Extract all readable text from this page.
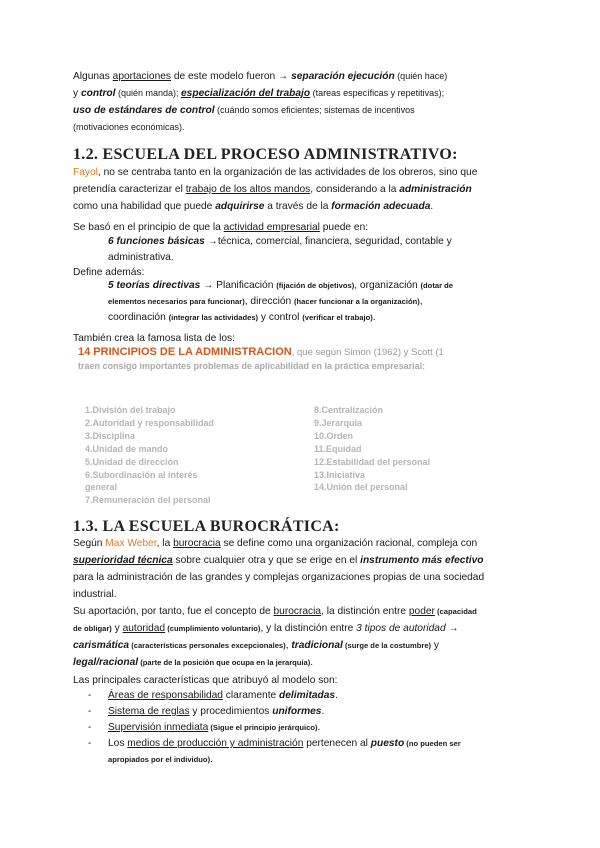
Algunas aportaciones de este modelo fueron → separación ejecución (quién hace)
y control (quién manda); especialización del trabajo (tareas específicas y repetitivas);
uso de estándares de control (cuándo somos eficientes; sistemas de incentivos
(motivaciones económicas).

1.2. ESCUELA DEL PROCESO ADMINISTRATIVO:

Fayol, no se centraba tanto en la organización de las actividades de los obreros, sino que
pretendía caracterizar el trabajo de los altos mandos, considerando a la administración
como una habilidad que puede adquirirse a través de la formación adecuada.

Se basó en el principio de que la actividad empresarial puede en:

6 funciones básicas →técnica, comercial, financiera, seguridad, contable y
administrativa.

Define además:

5 teorías directivas → Planificación (fijación de objetivos), organización (dotar de
elementos necesarios para funcionar), dirección (hacer funcionar a la organización),
coordinación (integrar las actividades) y control (verificar el trabajo).

También crea la famosa lista de los:

14 PRINCIPIOS DE LA ADMINISTRACION, que según Simon (1962) y Scott (1
traen consigo importantes problemas de aplicabilidad en la práctica empresarial:
1.División del trabajo
2.Autoridad y responsabilidad
3.Disciplina
4.Unidad de mando
5.Unidad de dirección
6.Subordinación al interés
general
7.Remuneración del personal
8.Centralización
9.Jerarquía
10.Orden
11.Equidad
12.Estabilidad del personal
13.Iniciativa
14.Unión del personal
1.3. LA ESCUELA BUROCRÁTICA:

Según Max Weber, la burocracia se define como una organización racional, compleja con
superioridad técnica sobre cualquier otra y que se erige en el instrumento más efectivo
para la administración de las grandes y complejas organizaciones propias de una sociedad
industrial.

Su aportación, por tanto, fue el concepto de burocracia, la distinción entre poder (capacidad
de obligar) y autoridad (cumplimiento voluntario), y la distinción entre 3 tipos de autoridad →
carismática (características personales excepcionales), tradicional (surge de la costumbre) y
legal/racional (parte de la posición que ocupa en la jerarquía).

Las principales características que atribuyó al modelo son:

- Áreas de responsabilidad claramente delimitadas.

- Sistema de reglas y procedimientos uniformes.

- Supervisión inmediata (Sigue el principio jerárquico).

- Los medios de producción y administración pertenecen al puesto (no pueden ser
apropiados por el individuo).
